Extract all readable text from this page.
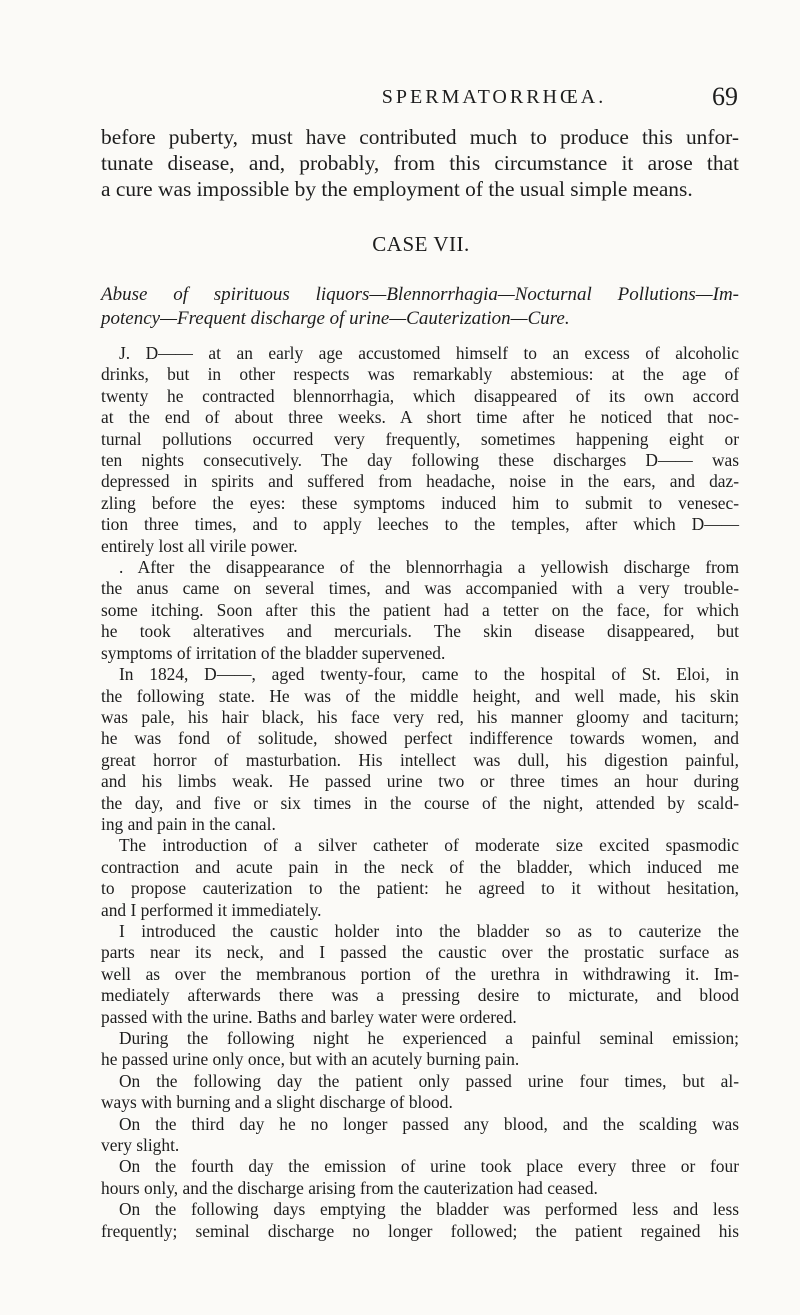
SPERMATORRHŒA.	69
before puberty, must have contributed much to produce this unfor-
tunate disease, and, probably, from this circumstance it arose that
a cure was impossible by the employment of the usual simple means.
CASE VII.
Abuse of spirituous liquors—Blennorrhagia—Nocturnal Pollutions—Im-
potency—Frequent discharge of urine—Cauterization—Cure.
J. D—— at an early age accustomed himself to an excess of alcoholic
drinks, but in other respects was remarkably abstemious: at the age of
twenty he contracted blennorrhagia, which disappeared of its own accord
at the end of about three weeks. A short time after he noticed that noc-
turnal pollutions occurred very frequently, sometimes happening eight or
ten nights consecutively. The day following these discharges D—— was
depressed in spirits and suffered from headache, noise in the ears, and daz-
zling before the eyes: these symptoms induced him to submit to venesec-
tion three times, and to apply leeches to the temples, after which D——
entirely lost all virile power.
. After the disappearance of the blennorrhagia a yellowish discharge from
the anus came on several times, and was accompanied with a very trouble-
some itching. Soon after this the patient had a tetter on the face, for which
he took alteratives and mercurials. The skin disease disappeared, but
symptoms of irritation of the bladder supervened.
In 1824, D——, aged twenty-four, came to the hospital of St. Eloi, in
the following state. He was of the middle height, and well made, his skin
was pale, his hair black, his face very red, his manner gloomy and taciturn;
he was fond of solitude, showed perfect indifference towards women, and
great horror of masturbation. His intellect was dull, his digestion painful,
and his limbs weak. He passed urine two or three times an hour during
the day, and five or six times in the course of the night, attended by scald-
ing and pain in the canal.
The introduction of a silver catheter of moderate size excited spasmodic
contraction and acute pain in the neck of the bladder, which induced me
to propose cauterization to the patient: he agreed to it without hesitation,
and I performed it immediately.
I introduced the caustic holder into the bladder so as to cauterize the
parts near its neck, and I passed the caustic over the prostatic surface as
well as over the membranous portion of the urethra in withdrawing it. Im-
mediately afterwards there was a pressing desire to micturate, and blood
passed with the urine. Baths and barley water were ordered.
During the following night he experienced a painful seminal emission;
he passed urine only once, but with an acutely burning pain.
On the following day the patient only passed urine four times, but al-
ways with burning and a slight discharge of blood.
On the third day he no longer passed any blood, and the scalding was
very slight.
On the fourth day the emission of urine took place every three or four
hours only, and the discharge arising from the cauterization had ceased.
On the following days emptying the bladder was performed less and less
frequently; seminal discharge no longer followed; the patient regained his
